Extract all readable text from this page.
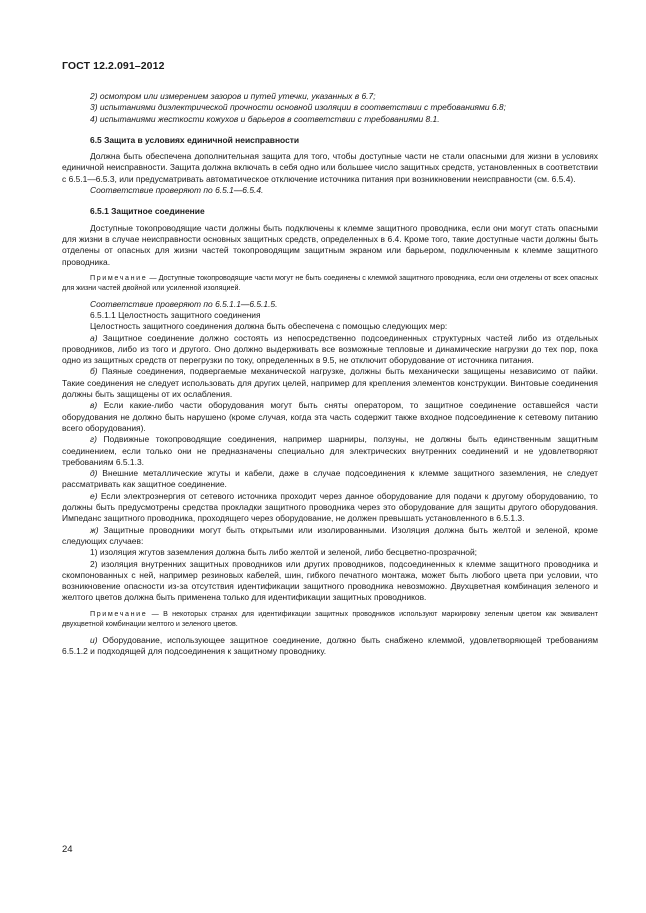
ГОСТ 12.2.091–2012

2) осмотром или измерением зазоров и путей утечки, указанных в 6.7;

3) испытаниями диэлектрической прочности основной изоляции в соответствии с требованиями 6.8;

4) испытаниями жесткости кожухов и барьеров в соответствии с требованиями 8.1.

6.5 Защита в условиях единичной неисправности

Должна быть обеспечена дополнительная защита для того, чтобы доступные части не стали опасными для жизни в условиях единичной неисправности. Защита должна включать в себя одно или большее число защитных средств, установленных в соответствии с 6.5.1—6.5.3, или предусматривать автоматическое отключение источника питания при возникновении неисправности (см. 6.5.4).

Соответствие проверяют по 6.5.1—6.5.4.

6.5.1 Защитное соединение

Доступные токопроводящие части должны быть подключены к клемме защитного проводника, если они могут стать опасными для жизни в случае неисправности основных защитных средств, определенных в 6.4. Кроме того, такие доступные части должны быть отделены от опасных для жизни частей токопроводящим защитным экраном или барьером, подключенным к клемме защитного проводника.

Примечание — Доступные токопроводящие части могут не быть соединены с клеммой защитного проводника, если они отделены от всех опасных для жизни частей двойной или усиленной изоляцией.

Соответствие проверяют по 6.5.1.1—6.5.1.5.

6.5.1.1 Целостность защитного соединения

Целостность защитного соединения должна быть обеспечена с помощью следующих мер:

а) Защитное соединение должно состоять из непосредственно подсоединенных структурных частей либо из отдельных проводников, либо из того и другого. Оно должно выдерживать все возможные тепловые и динамические нагрузки до тех пор, пока одно из защитных средств от перегрузки по току, определенных в 9.5, не отключит оборудование от источника питания.

б) Паяные соединения, подвергаемые механической нагрузке, должны быть механически защищены независимо от пайки. Такие соединения не следует использовать для других целей, например для крепления элементов конструкции. Винтовые соединения должны быть защищены от их ослабления.

в) Если какие-либо части оборудования могут быть сняты оператором, то защитное соединение оставшейся части оборудования не должно быть нарушено (кроме случая, когда эта часть содержит также входное подсоединение к сетевому питанию всего оборудования).

г) Подвижные токопроводящие соединения, например шарниры, ползуны, не должны быть единственным защитным соединением, если только они не предназначены специально для электрических внутренних соединений и не удовлетворяют требованиям 6.5.1.3.

д) Внешние металлические жгуты и кабели, даже в случае подсоединения к клемме защитного заземления, не следует рассматривать как защитное соединение.

е) Если электроэнергия от сетевого источника проходит через данное оборудование для подачи к другому оборудованию, то должны быть предусмотрены средства прокладки защитного проводника через это оборудование для защиты другого оборудования. Импеданс защитного проводника, проходящего через оборудование, не должен превышать установленного в 6.5.1.3.

ж) Защитные проводники могут быть открытыми или изолированными. Изоляция должна быть желтой и зеленой, кроме следующих случаев:

1) изоляция жгутов заземления должна быть либо желтой и зеленой, либо бесцветно-прозрачной;

2) изоляция внутренних защитных проводников или других проводников, подсоединенных к клемме защитного проводника и скомпонованных с ней, например резиновых кабелей, шин, гибкого печатного монтажа, может быть любого цвета при условии, что возникновение опасности из-за отсутствия идентификации защитного проводника невозможно. Двухцветная комбинация зеленого и желтого цветов должна быть применена только для идентификации защитных проводников.

Примечание — В некоторых странах для идентификации защитных проводников используют маркировку зеленым цветом как эквивалент двухцветной комбинации желтого и зеленого цветов.

и) Оборудование, использующее защитное соединение, должно быть снабжено клеммой, удовлетворяющей требованиям 6.5.1.2 и подходящей для подсоединения к защитному проводнику.

24
